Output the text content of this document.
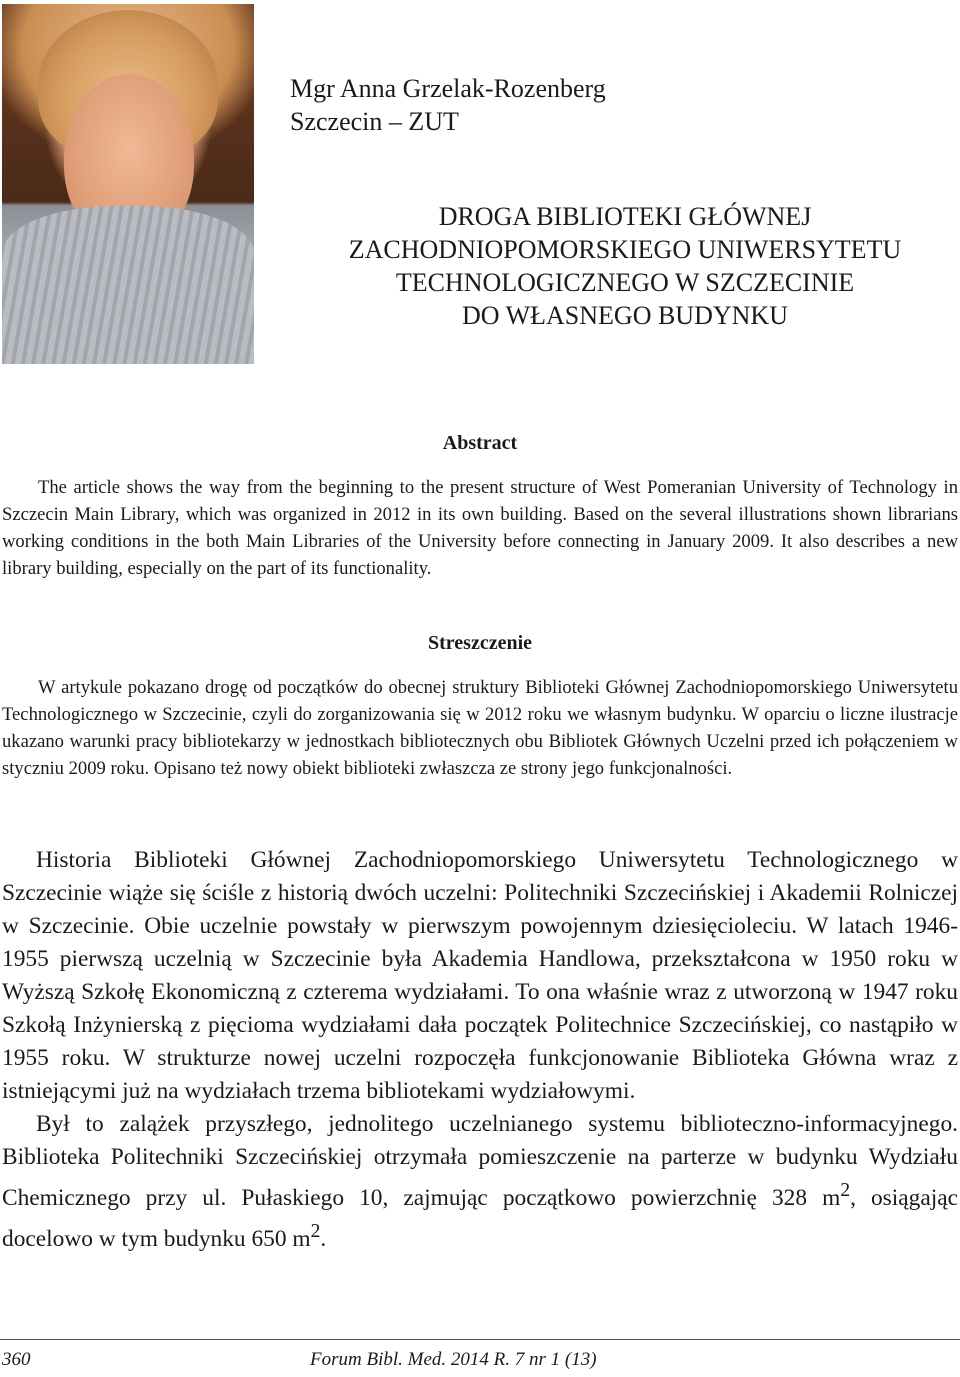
Mgr Anna Grzelak-Rozenberg
Szczecin – ZUT
DROGA BIBLIOTEKI GŁÓWNEJ
ZACHODNIOPOMORSKIEGO UNIWERSYTETU
TECHNOLOGICZNEGO W SZCZECINIE
DO WŁASNEGO BUDYNKU
Abstract
The article shows the way from the beginning to the present structure of West Pomeranian University of Technology in Szczecin Main Library, which was organized in 2012 in its own building. Based on the several illustrations shown librarians working conditions in the both Main Libraries of the University before connecting in January 2009. It also describes a new library building, especially on the part of its functionality.
Streszczenie
W artykule pokazano drogę od początków do obecnej struktury Biblioteki Głównej Zachodniopomorskiego Uniwersytetu Technologicznego w Szczecinie, czyli do zorganizowania się w 2012 roku we własnym budynku. W oparciu o liczne ilustracje ukazano warunki pracy bibliotekarzy w jednostkach bibliotecznych obu Bibliotek Głównych Uczelni przed ich połączeniem w styczniu 2009 roku. Opisano też nowy obiekt biblioteki zwłaszcza ze strony jego funkcjonalności.

Historia Biblioteki Głównej Zachodniopomorskiego Uniwersytetu Technologicznego w Szczecinie wiąże się ściśle z historią dwóch uczelni: Politechniki Szczecińskiej i Akademii Rolniczej w Szczecinie. Obie uczelnie powstały w pierwszym powojennym dziesięcioleciu. W latach 1946-1955 pierwszą uczelnią w Szczecinie była Akademia Handlowa, przekształcona w 1950 roku w Wyższą Szkołę Ekonomiczną z czterema wydziałami. To ona właśnie wraz z utworzoną w 1947 roku Szkołą Inżynierską z pięcioma wydziałami dała początek Politechnice Szczecińskiej, co nastąpiło w 1955 roku. W strukturze nowej uczelni rozpoczęła funkcjonowanie Biblioteka Główna wraz z istniejącymi już na wydziałach trzema bibliotekami wydziałowymi.

Był to zalążek przyszłego, jednolitego uczelnianego systemu biblioteczno-informacyjnego. Biblioteka Politechniki Szczecińskiej otrzymała pomieszczenie na parterze w budynku Wydziału Chemicznego przy ul. Pułaskiego 10, zajmując początkowo powierzchnię 328 $m^2$, osiągając docelowo w tym budynku 650 $m^2$.

360	Forum Bibl. Med. 2014 R. 7 nr 1 (13)
